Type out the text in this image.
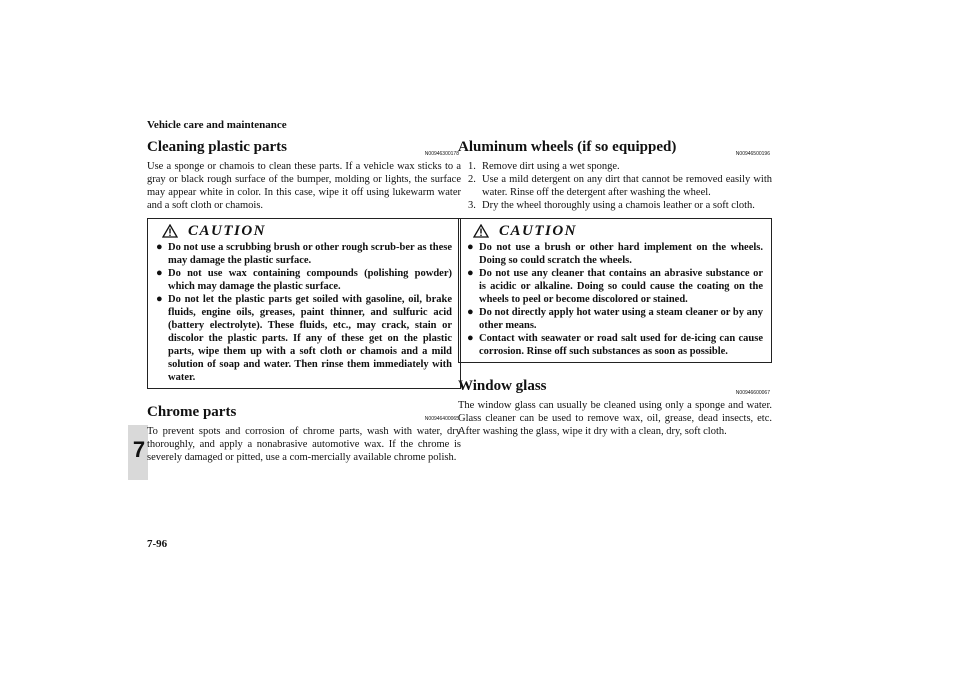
Vehicle care and maintenance
7
7-96
Cleaning plastic parts	N00946300178

Use a sponge or chamois to clean these parts. If a vehicle wax sticks to a gray or black rough surface of the bumper, molding or lights, the surface may appear white in color. In this case, wipe it off using lukewarm water and a soft cloth or chamois.

CAUTION
● Do not use a scrubbing brush or other rough scrub-ber as these may damage the plastic surface.
● Do not use wax containing compounds (polishing powder) which may damage the plastic surface.
● Do not let the plastic parts get soiled with gasoline, oil, brake fluids, engine oils, greases, paint thinner, and sulfuric acid (battery electrolyte). These fluids, etc., may crack, stain or discolor the plastic parts. If any of these get on the plastic parts, wipe them up with a soft cloth or chamois and a mild solution of soap and water. Then rinse them immediately with water.
Chrome parts	N00946400065

To prevent spots and corrosion of chrome parts, wash with water, dry thoroughly, and apply a nonabrasive automotive wax. If the chrome is severely damaged or pitted, use a com-mercially available chrome polish.

Aluminum wheels (if so equipped)	N00946500196
1. Remove dirt using a wet sponge.
2. Use a mild detergent on any dirt that cannot be removed easily with water. Rinse off the detergent after washing the wheel.
3. Dry the wheel thoroughly using a chamois leather or a soft cloth.
CAUTION
● Do not use a brush or other hard implement on the wheels. Doing so could scratch the wheels.
● Do not use any cleaner that contains an abrasive substance or is acidic or alkaline. Doing so could cause the coating on the wheels to peel or become discolored or stained.
● Do not directly apply hot water using a steam cleaner or by any other means.
● Contact with seawater or road salt used for de-icing can cause corrosion. Rinse off such substances as soon as possible.
Window glass	N00946600067

The window glass can usually be cleaned using only a sponge and water. Glass cleaner can be used to remove wax, oil, grease, dead insects, etc. After washing the glass, wipe it dry with a clean, dry, soft cloth.
